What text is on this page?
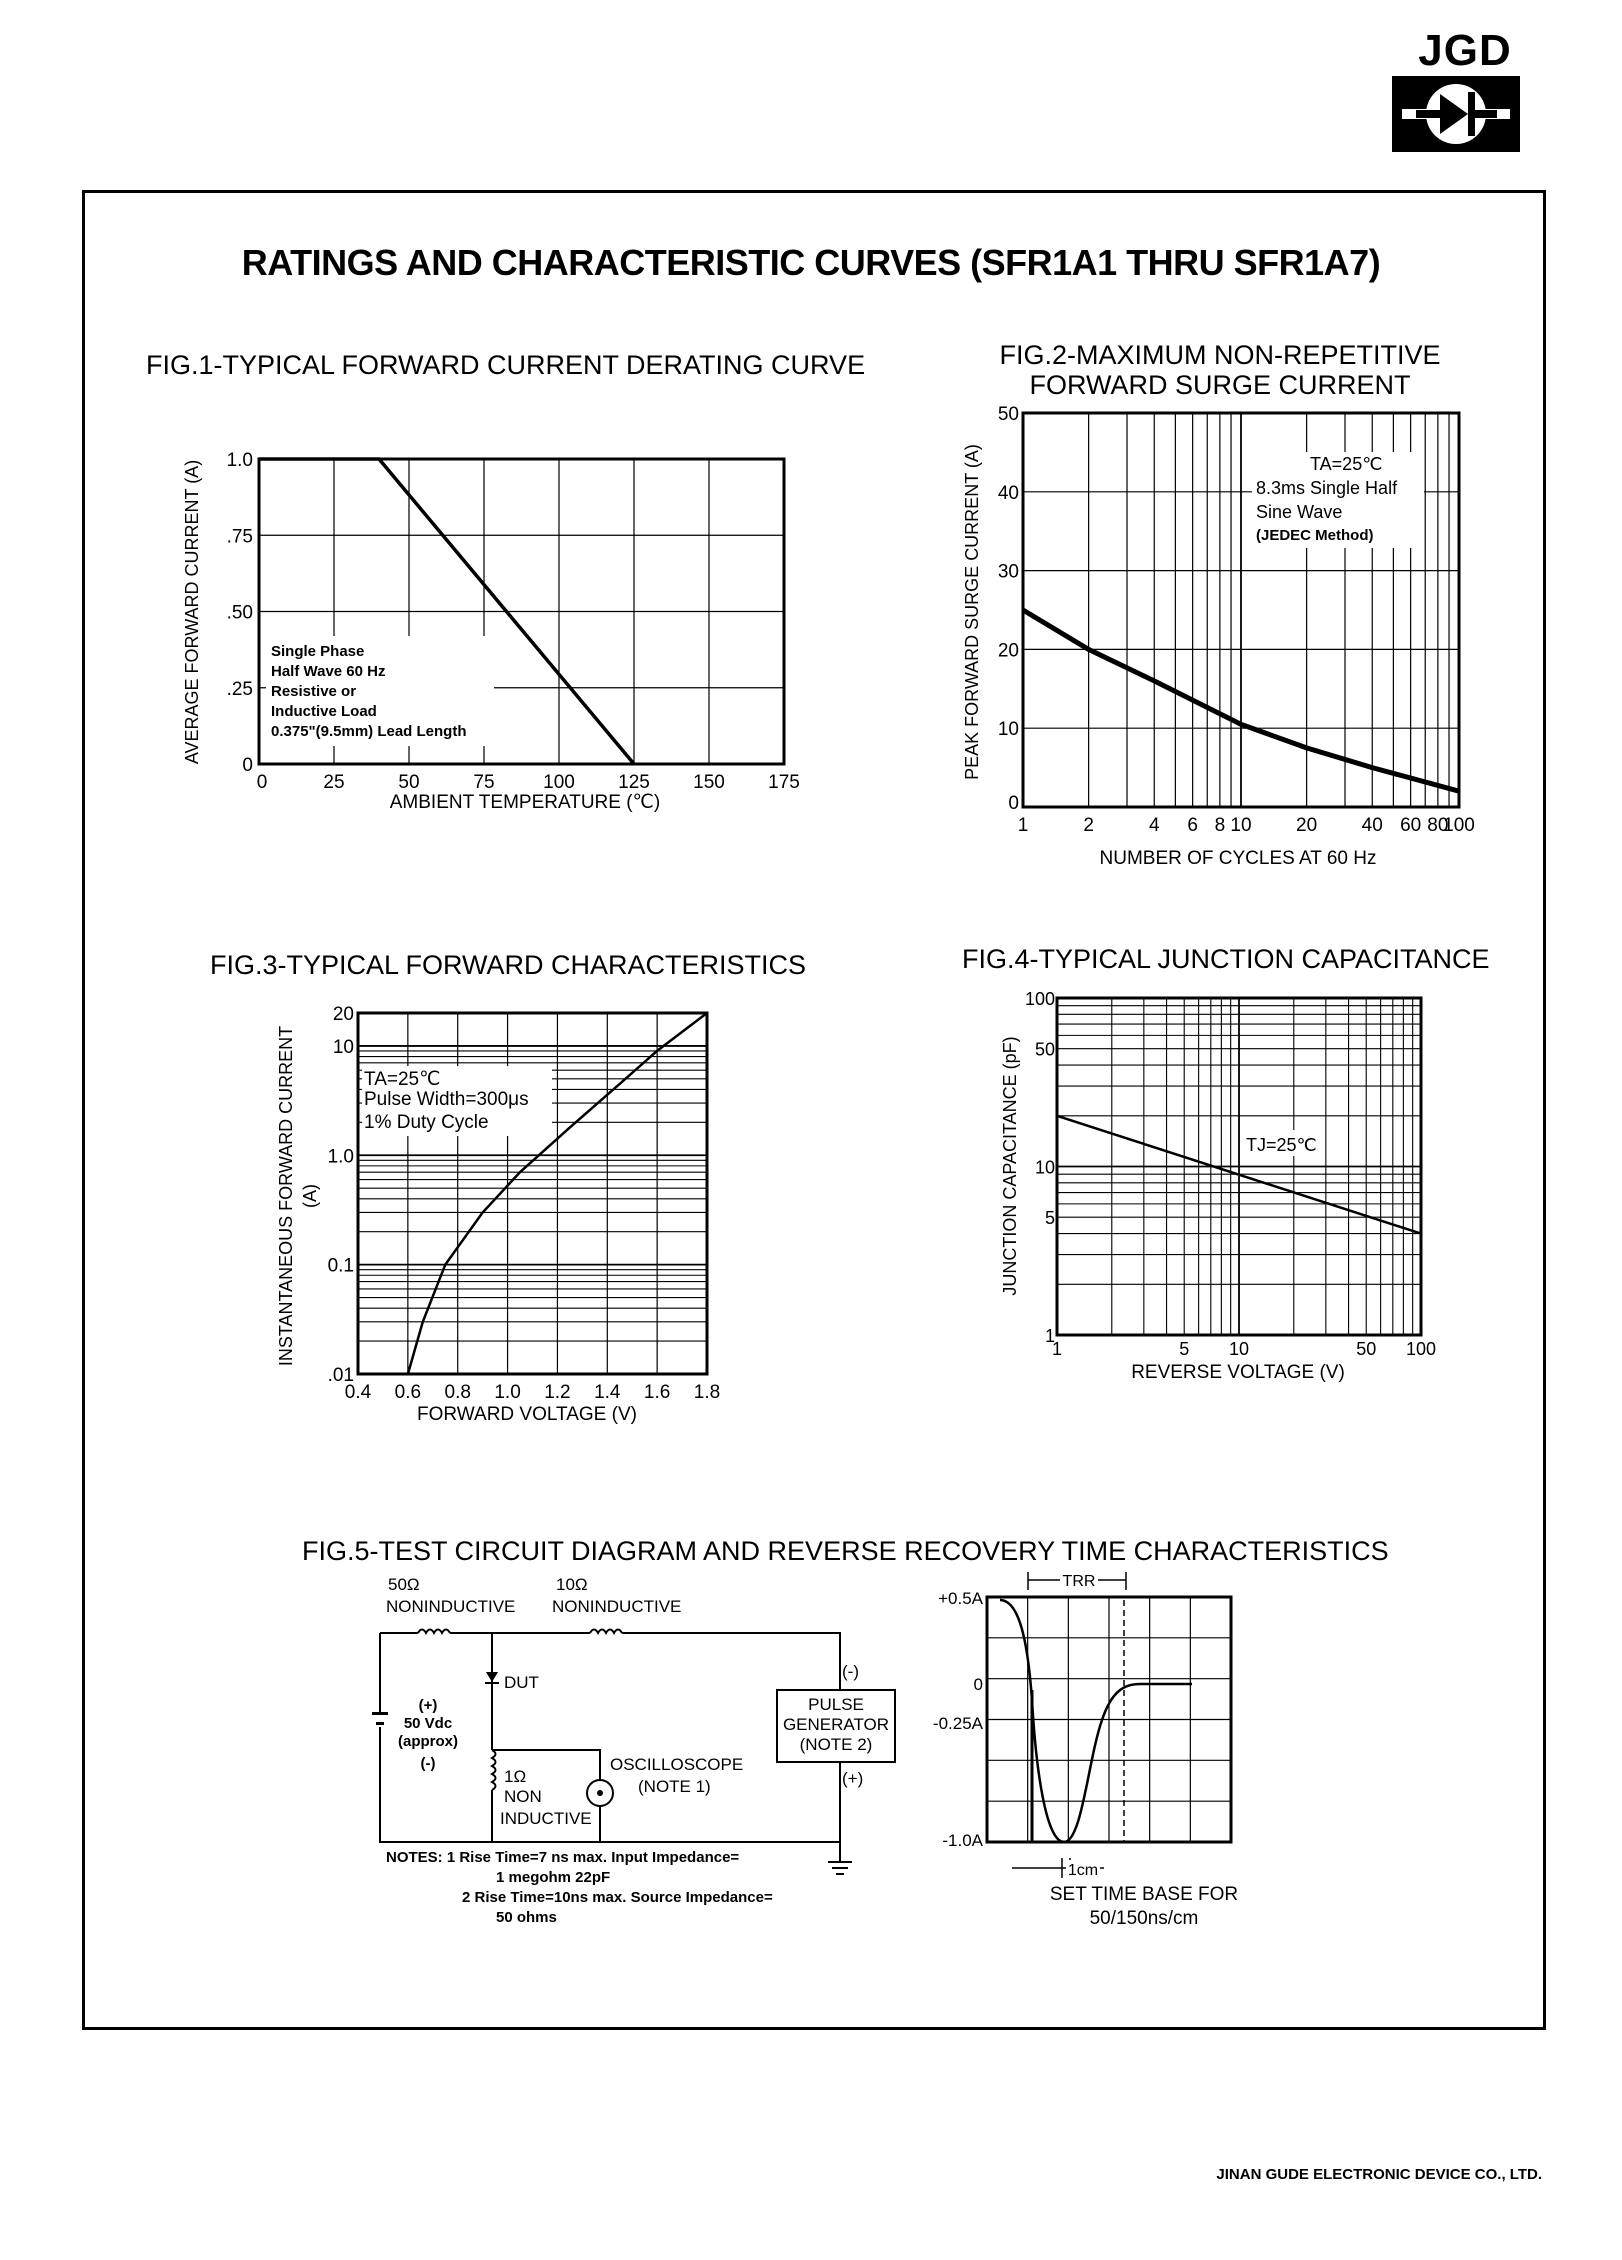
JGD
RATINGS AND CHARACTERISTIC CURVES (SFR1A1 THRU SFR1A7)
FIG.1-TYPICAL FORWARD CURRENT DERATING CURVE	FIG.2-MAXIMUM NON-REPETITIVE
FORWARD SURGE CURRENT
FIG.3-TYPICAL FORWARD CHARACTERISTICS	FIG.4-TYPICAL JUNCTION CAPACITANCE
FIG.5-TEST CIRCUIT DIAGRAM AND REVERSE RECOVERY TIME CHARACTERISTICS
0
.25
.50
.75
1.0
0	25	50	75	100 125 150 175
Single Phase
Half Wave 60 Hz
Resistive or
Inductive Load
0.375"(9.5mm) Lead Length
AMBIENT TEMPERATURE (℃)
AVERAGE FORWARD CURRENT (A)
0
10
20
30
40
50
1	2	4 6 8 10 20 40 60 80
100
TA=25℃
8.3ms Single Half
Sine Wave
(JEDEC Method)
NUMBER OF CYCLES AT 60 Hz
PEAK FORWARD SURGE CURRENT (A)
20
10
1.0
0.1
.01
0.4 0.6 0.8 1.0 1.2 1.4 1.6 1.8
TA=25℃
Pulse Width=300μs
1% Duty Cycle
FORWARD VOLTAGE (V)
INSTANTANEOUS FORWARD CURRENT (A)
1
5
10
50
100
1	5 10	50 100
TJ=25℃
REVERSE VOLTAGE (V)
JUNCTION CAPACITANCE (pF)
50Ω
NONINDUCTIVE
10Ω
NONINDUCTIVE
DUT
1Ω
NON
INDUCTIVE
OSCILLOSCOPE
(NOTE 1)
PULSE
GENERATOR
(NOTE 2)
(-)
(+)
(+)
50 Vdc
(approx)
(-)
NOTES: 1 Rise Time=7 ns max. Input Impedance=
1 megohm 22pF
2 Rise Time=10ns max. Source Impedance=
50 ohms
TRR
1cm
SET TIME BASE FOR
50/150ns/cm
+0.5A
0
-0.25A
-1.0A
JINAN GUDE ELECTRONIC DEVICE CO., LTD.
